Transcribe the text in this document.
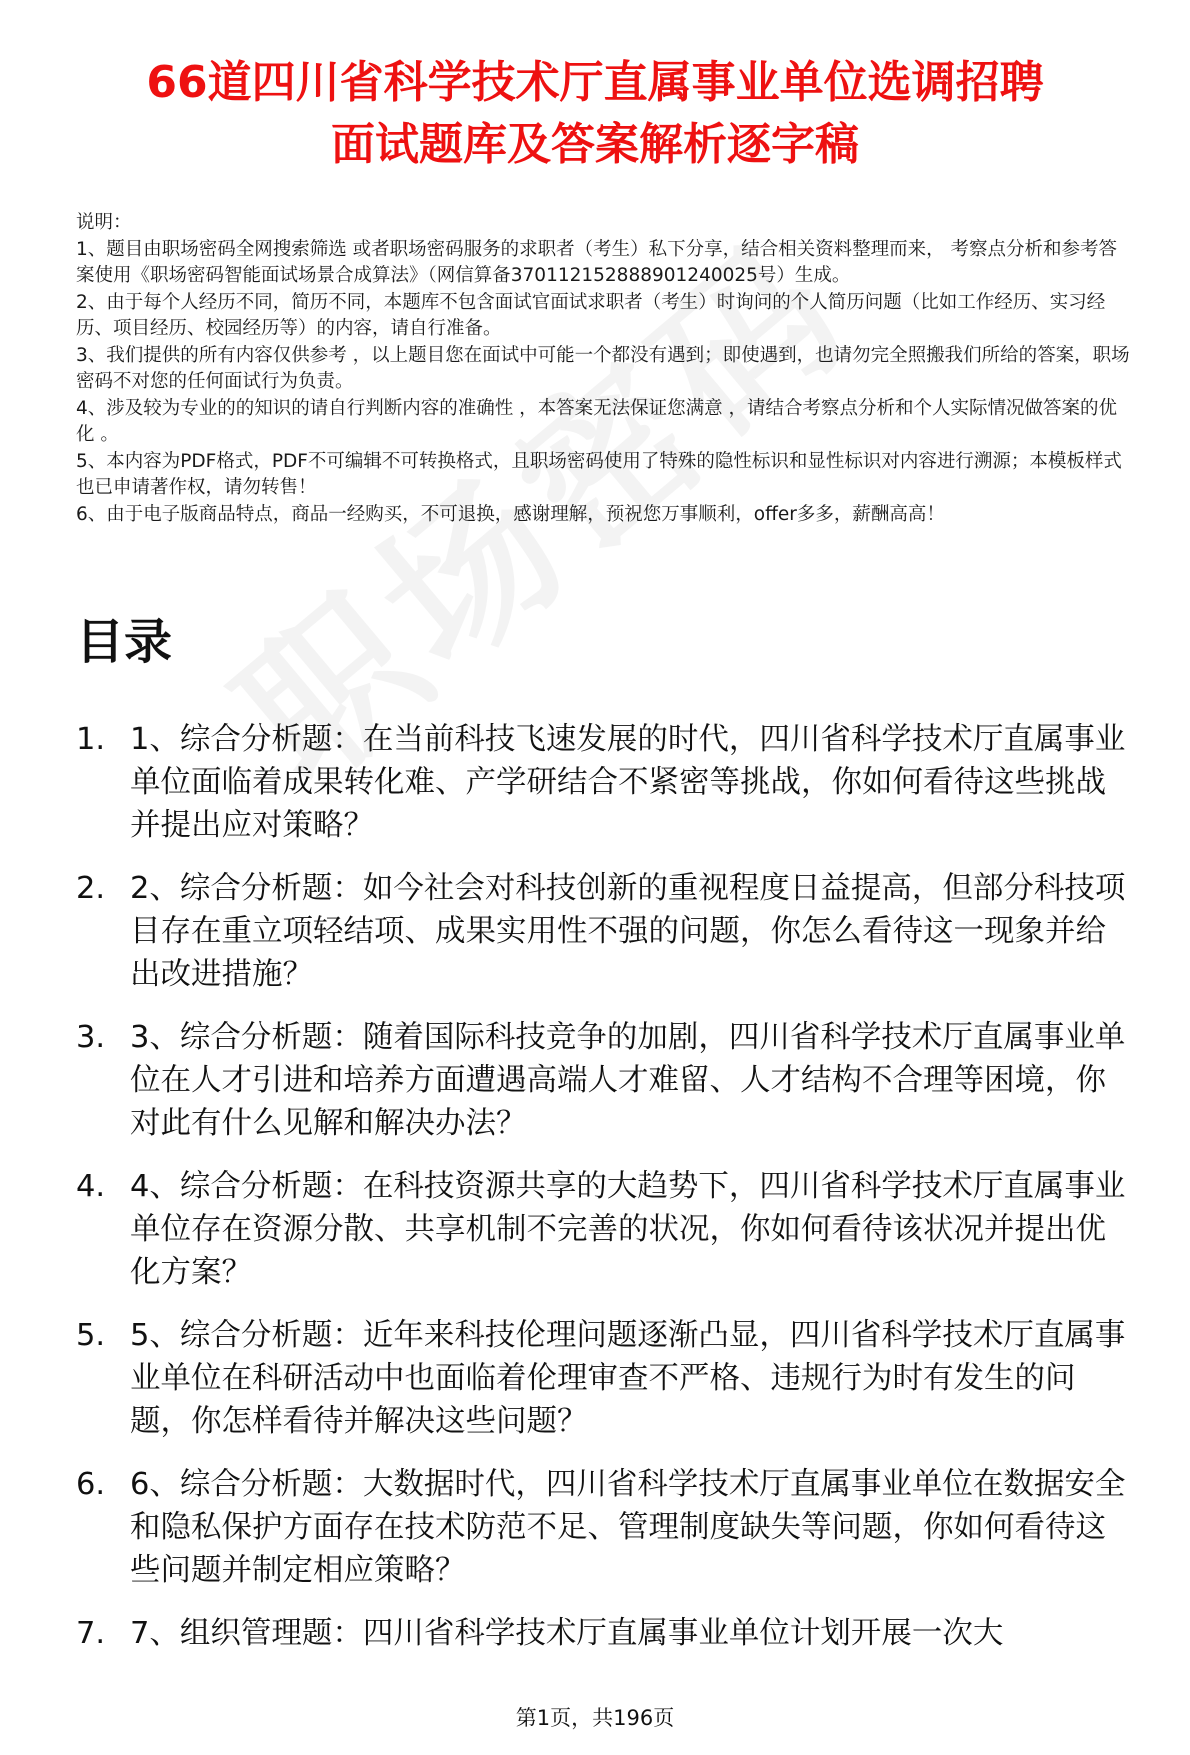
66道四川省科学技术厅直属事业单位选调招聘
面试题库及答案解析逐字稿

说明：

1、题目由职场密码全网搜索筛选 或者职场密码服务的求职者（考生）私下分享，结合相关资料整理而来， 考察点分析和参考答案使用《职场密码智能面试场景合成算法》（网信算备370112152888901240025号）生成。

2、由于每个人经历不同，简历不同，本题库不包含面试官面试求职者（考生）时询问的个人简历问题（比如工作经历、实习经历、项目经历、校园经历等）的内容，请自行准备。

3、我们提供的所有内容仅供参考 ，以上题目您在面试中可能一个都没有遇到；即使遇到，也请勿完全照搬我们所给的答案，职场密码不对您的任何面试行为负责。

4、涉及较为专业的的知识的请自行判断内容的准确性 ，本答案无法保证您满意 ，请结合考察点分析和个人实际情况做答案的优化 。

5、本内容为PDF格式，PDF不可编辑不可转换格式，且职场密码使用了特殊的隐性标识和显性标识对内容进行溯源；本模板样式也已申请著作权，请勿转售！

6、由于电子版商品特点，商品一经购买，不可退换，感谢理解，预祝您万事顺利，offer多多，薪酬高高！

目录
1. 1、综合分析题：在当前科技飞速发展的时代，四川省科学技术厅直属事业单位面临着成果转化难、产学研结合不紧密等挑战，你如何看待这些挑战并提出应对策略？
2. 2、综合分析题：如今社会对科技创新的重视程度日益提高，但部分科技项目存在重立项轻结项、成果实用性不强的问题，你怎么看待这一现象并给出改进措施？
3. 3、综合分析题：随着国际科技竞争的加剧，四川省科学技术厅直属事业单位在人才引进和培养方面遭遇高端人才难留、人才结构不合理等困境，你对此有什么见解和解决办法？
4. 4、综合分析题：在科技资源共享的大趋势下，四川省科学技术厅直属事业单位存在资源分散、共享机制不完善的状况，你如何看待该状况并提出优化方案？
5. 5、综合分析题：近年来科技伦理问题逐渐凸显，四川省科学技术厅直属事业单位在科研活动中也面临着伦理审查不严格、违规行为时有发生的问题，你怎样看待并解决这些问题？
6. 6、综合分析题：大数据时代，四川省科学技术厅直属事业单位在数据安全和隐私保护方面存在技术防范不足、管理制度缺失等问题，你如何看待这些问题并制定相应策略？
7. 7、组织管理题：四川省科学技术厅直属事业单位计划开展一次大
第1页，共196页
